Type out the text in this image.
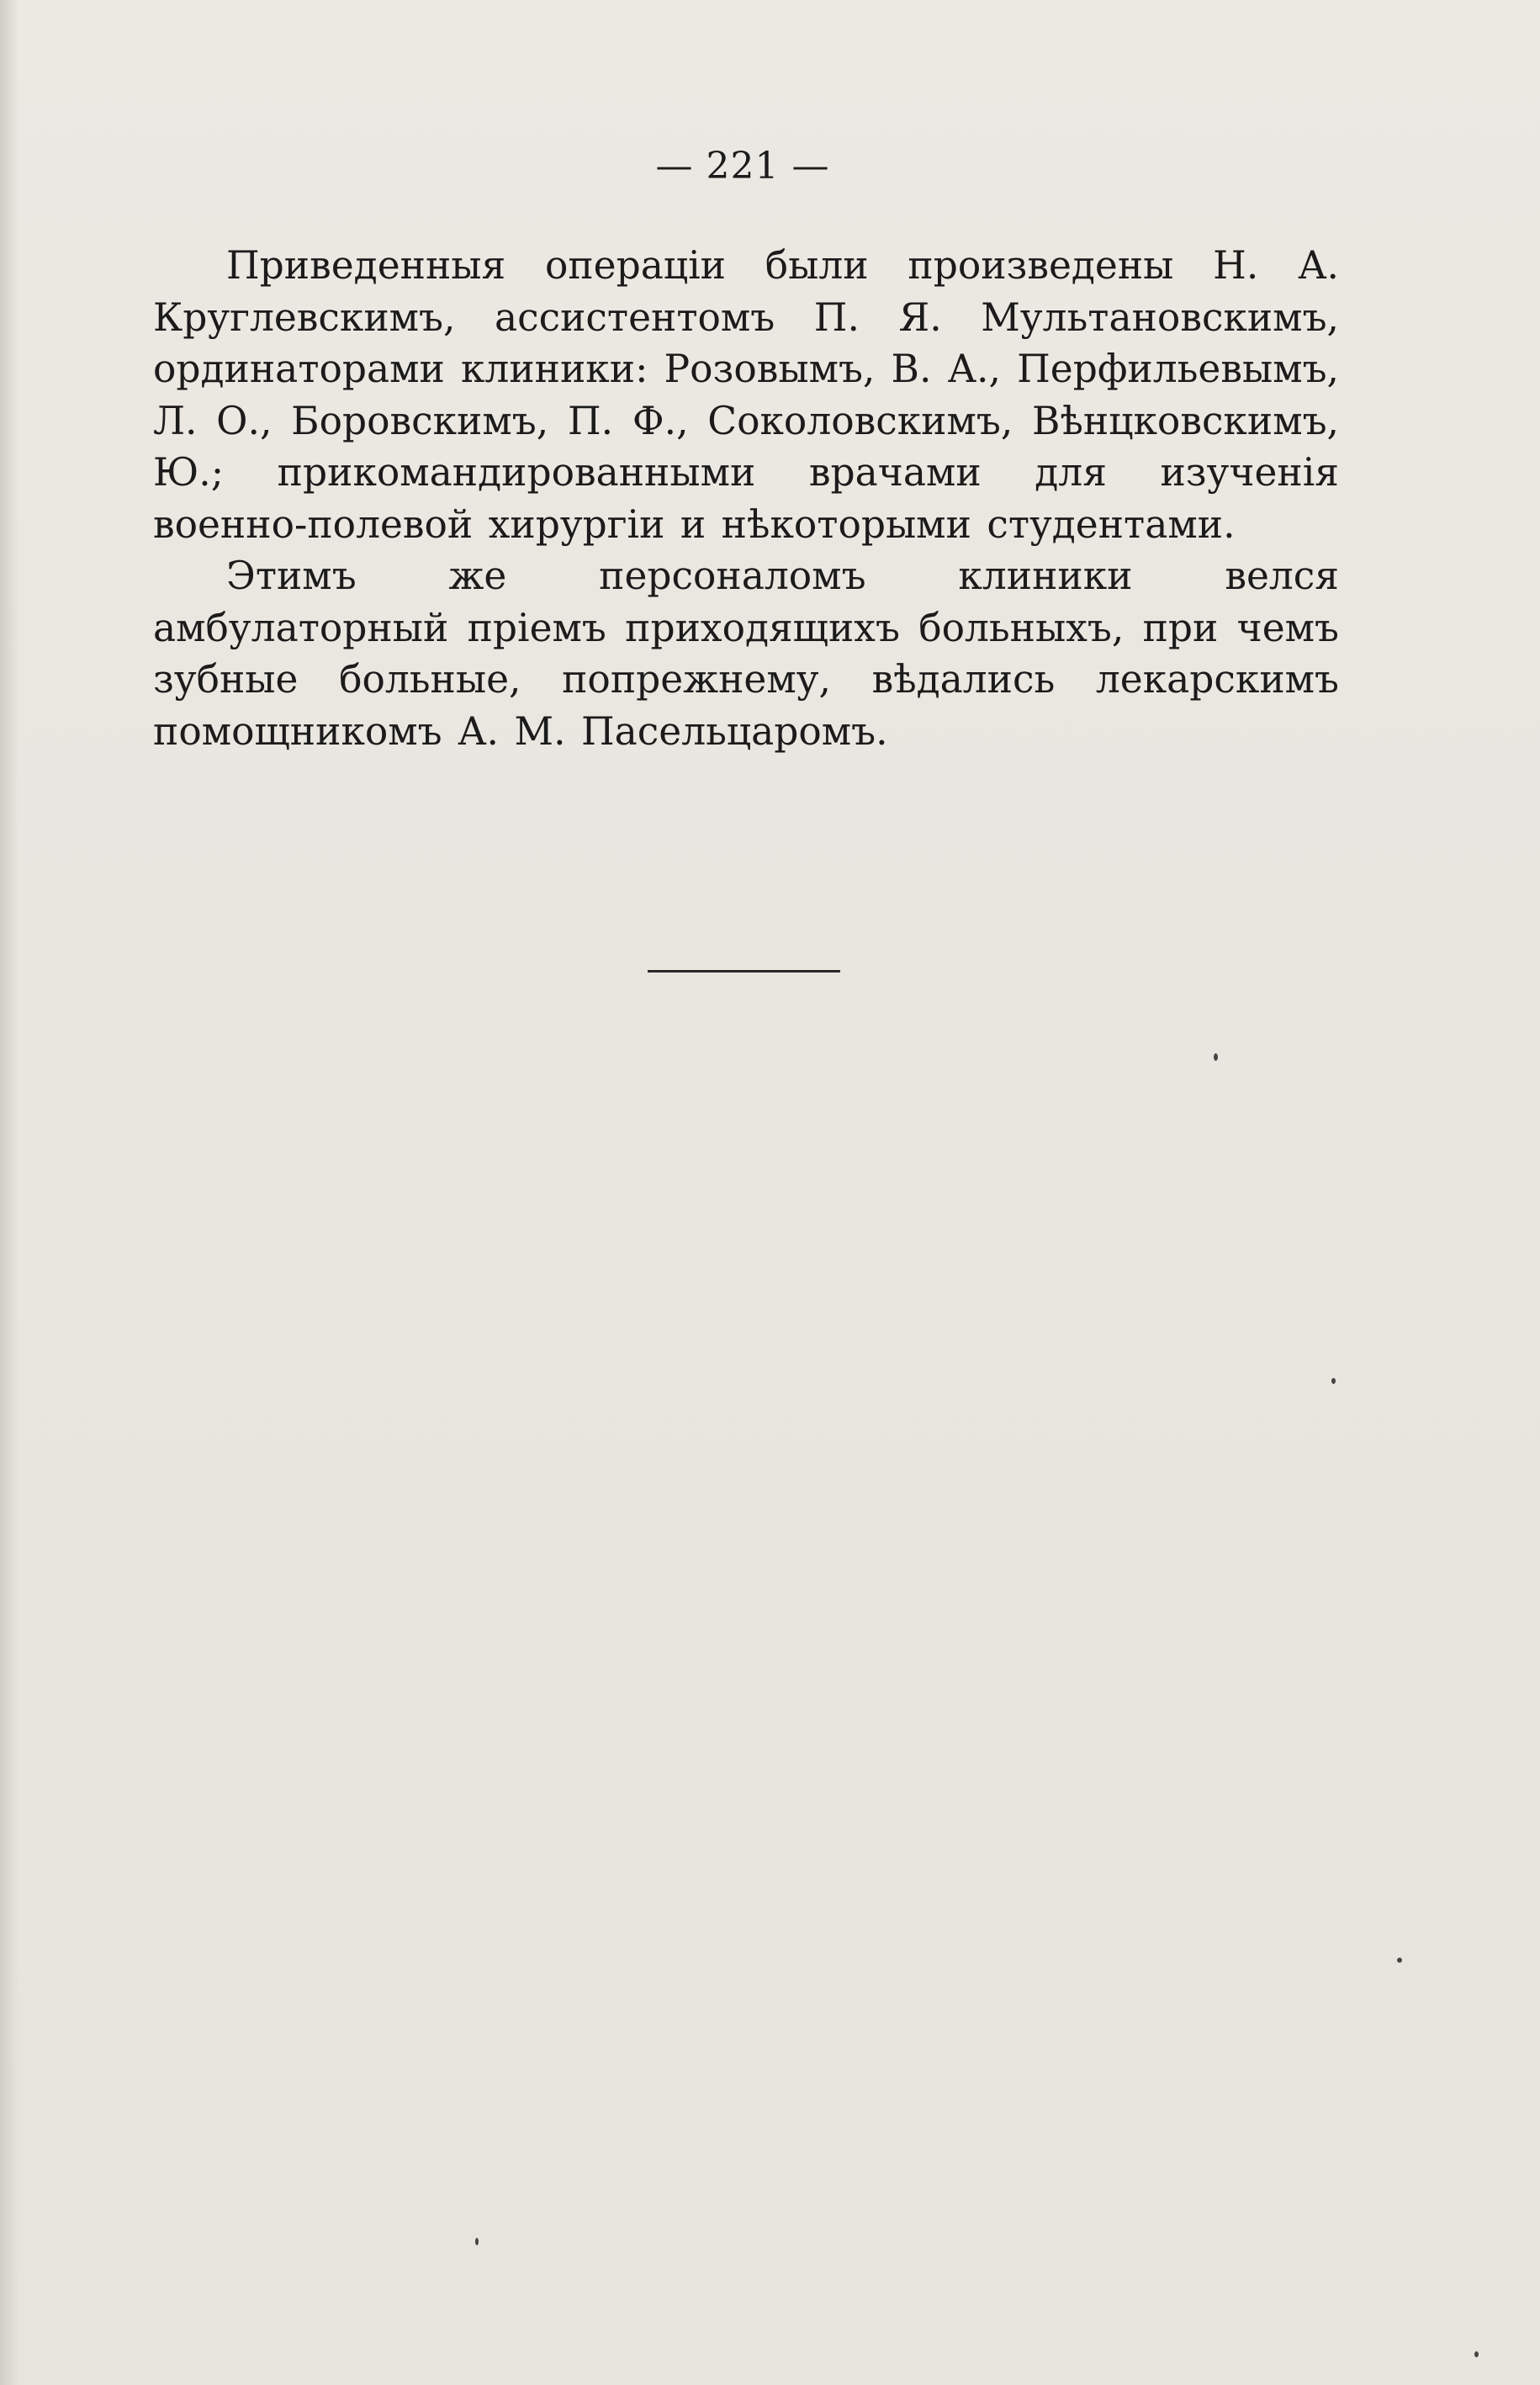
— 221 —

Приведенныя операціи были произведены Н. А. Круглевскимъ, ассистентомъ П. Я. Мультановскимъ, ординаторами клиники: Розовымъ, В. А., Перфильевымъ, Л. О., Боровскимъ, П. Ф., Соколовскимъ, Вѣнцковскимъ, Ю.; прикомандированными врачами для изученія военно-полевой хирургіи и нѣкоторыми студентами.

Этимъ же персоналомъ клиники велся амбулаторный пріемъ приходящихъ больныхъ, при чемъ зубные больные, попрежнему, вѣдались лекарскимъ помощникомъ А. М. Пасельцаромъ.
